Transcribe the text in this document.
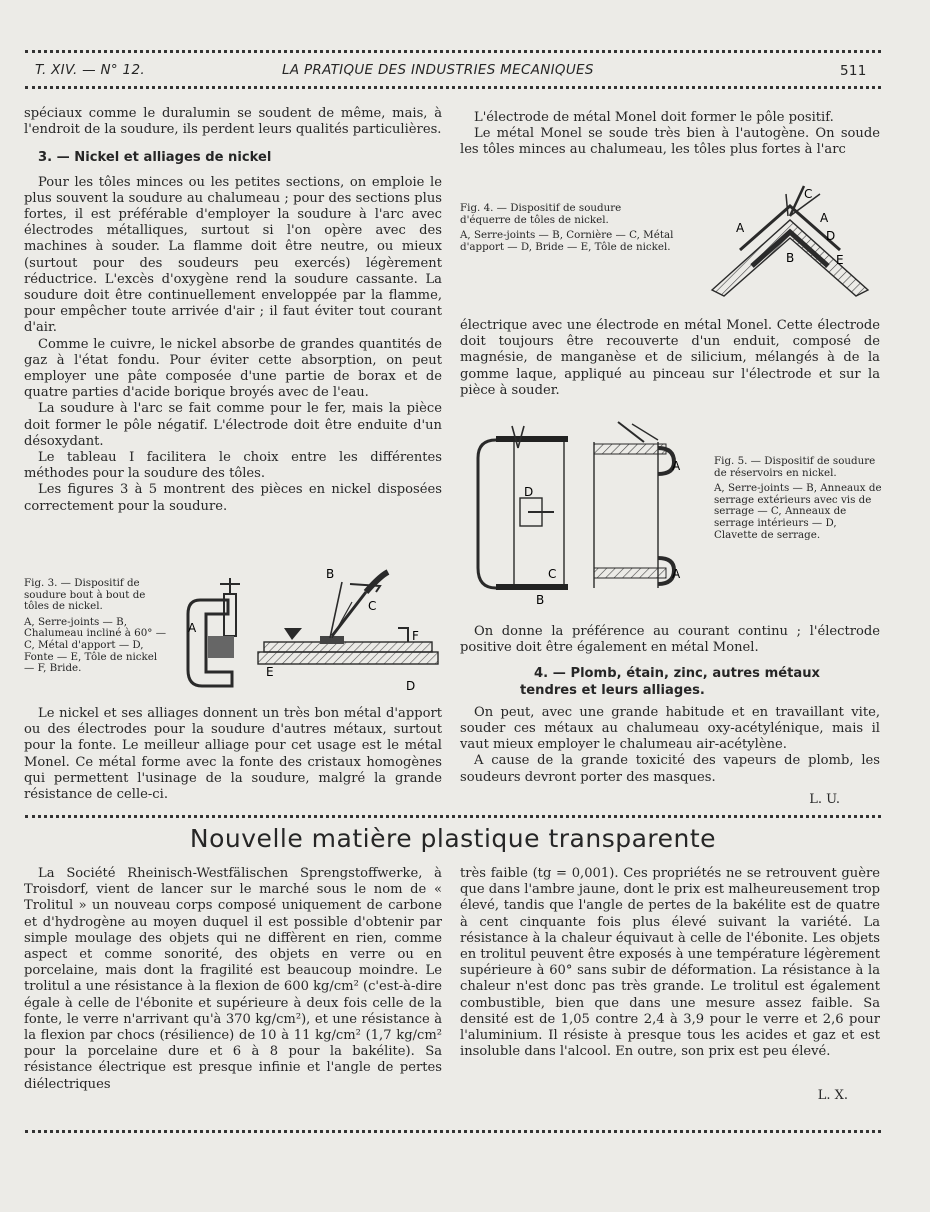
T. XIV. — N° 12.	LA PRATIQUE DES INDUSTRIES MECANIQUES	511

spéciaux comme le duralumin se soudent de même, mais, à l'endroit de la soudure, ils perdent leurs qualités particulières.

3. — Nickel et alliages de nickel

Pour les tôles minces ou les petites sections, on emploie le plus souvent la soudure au chalumeau ; pour des sections plus fortes, il est préférable d'employer la soudure à l'arc avec électrodes métalliques, surtout si l'on opère avec des machines à souder. La flamme doit être neutre, ou mieux (surtout pour des soudeurs peu exercés) légèrement réductrice. L'excès d'oxygène rend la soudure cassante. La soudure doit être continuellement enveloppée par la flamme, pour empêcher toute arrivée d'air ; il faut éviter tout courant d'air.

Comme le cuivre, le nickel absorbe de grandes quantités de gaz à l'état fondu. Pour éviter cette absorption, on peut employer une pâte composée d'une partie de borax et de quatre parties d'acide borique broyés avec de l'eau.

La soudure à l'arc se fait comme pour le fer, mais la pièce doit former le pôle négatif. L'électrode doit être enduite d'un désoxydant.

Le tableau I facilitera le choix entre les différentes méthodes pour la soudure des tôles.

Les figures 3 à 5 montrent des pièces en nickel disposées correctement pour la soudure.

Fig. 3. — Dispositif de soudure bout à bout de tôles de nickel.
A, Serre-joints — B, Chalumeau incliné à 60° — C, Métal d'apport — D, Fonte — E, Tôle de nickel — F, Bride.
A
B
C
D
E
F

Le nickel et ses alliages donnent un très bon métal d'apport ou des électrodes pour la soudure d'autres métaux, surtout pour la fonte. Le meilleur alliage pour cet usage est le métal Monel. Ce métal forme avec la fonte des cristaux homogènes qui permettent l'usinage de la soudure, malgré la grande résistance de celle-ci.

L'électrode de métal Monel doit former le pôle positif.

Le métal Monel se soude très bien à l'autogène. On soude les tôles minces au chalumeau, les tôles plus fortes à l'arc

Fig. 4. — Dispositif de soudure d'équerre de tôles de nickel.
A, Serre-joints — B, Cornière — C, Métal d'apport — D, Bride — E, Tôle de nickel.
A
A
B
C
D
E

électrique avec une électrode en métal Monel. Cette électrode doit toujours être recouverte d'un enduit, composé de magnésie, de manganèse et de silicium, mélangés à de la gomme laque, appliqué au pinceau sur l'électrode et sur la pièce à souder.

A
A
B
C
D
Fig. 5. — Dispositif de soudure de réservoirs en nickel.
A, Serre-joints — B, Anneaux de serrage extérieurs avec vis de serrage — C, Anneaux de serrage intérieurs — D, Clavette de serrage.

On donne la préférence au courant continu ; l'électrode positive doit être également en métal Monel.

4. — Plomb, étain, zinc, autres métaux tendres et leurs alliages.

On peut, avec une grande habitude et en travaillant vite, souder ces métaux au chalumeau oxy-acétylénique, mais il vaut mieux employer le chalumeau air-acétylène.

A cause de la grande toxicité des vapeurs de plomb, les soudeurs devront porter des masques.

L. U.
Nouvelle matière plastique transparente

La Société Rheinisch-Westfälischen Sprengstoffwerke, à Troisdorf, vient de lancer sur le marché sous le nom de « Trolitul » un nouveau corps composé uniquement de carbone et d'hydrogène au moyen duquel il est possible d'obtenir par simple moulage des objets qui ne diffèrent en rien, comme aspect et comme sonorité, des objets en verre ou en porcelaine, mais dont la fragilité est beaucoup moindre. Le trolitul a une résistance à la flexion de 600 kg/cm² (c'est-à-dire égale à celle de l'ébonite et supérieure à deux fois celle de la fonte, le verre n'arrivant qu'à 370 kg/cm²), et une résistance à la flexion par chocs (résilience) de 10 à 11 kg/cm² (1,7 kg/cm² pour la porcelaine dure et 6 à 8 pour la bakélite). Sa résistance électrique est presque infinie et l'angle de pertes diélectriques

très faible (tg = 0,001). Ces propriétés ne se retrouvent guère que dans l'ambre jaune, dont le prix est malheureusement trop élevé, tandis que l'angle de pertes de la bakélite est de quatre à cent cinquante fois plus élevé suivant la variété. La résistance à la chaleur équivaut à celle de l'ébonite. Les objets en trolitul peuvent être exposés à une température légèrement supérieure à 60° sans subir de déformation. La résistance à la chaleur n'est donc pas très grande. Le trolitul est également combustible, bien que dans une mesure assez faible. Sa densité est de 1,05 contre 2,4 à 3,9 pour le verre et 2,6 pour l'aluminium. Il résiste à presque tous les acides et gaz et est insoluble dans l'alcool. En outre, son prix est peu élevé.

L. X.
